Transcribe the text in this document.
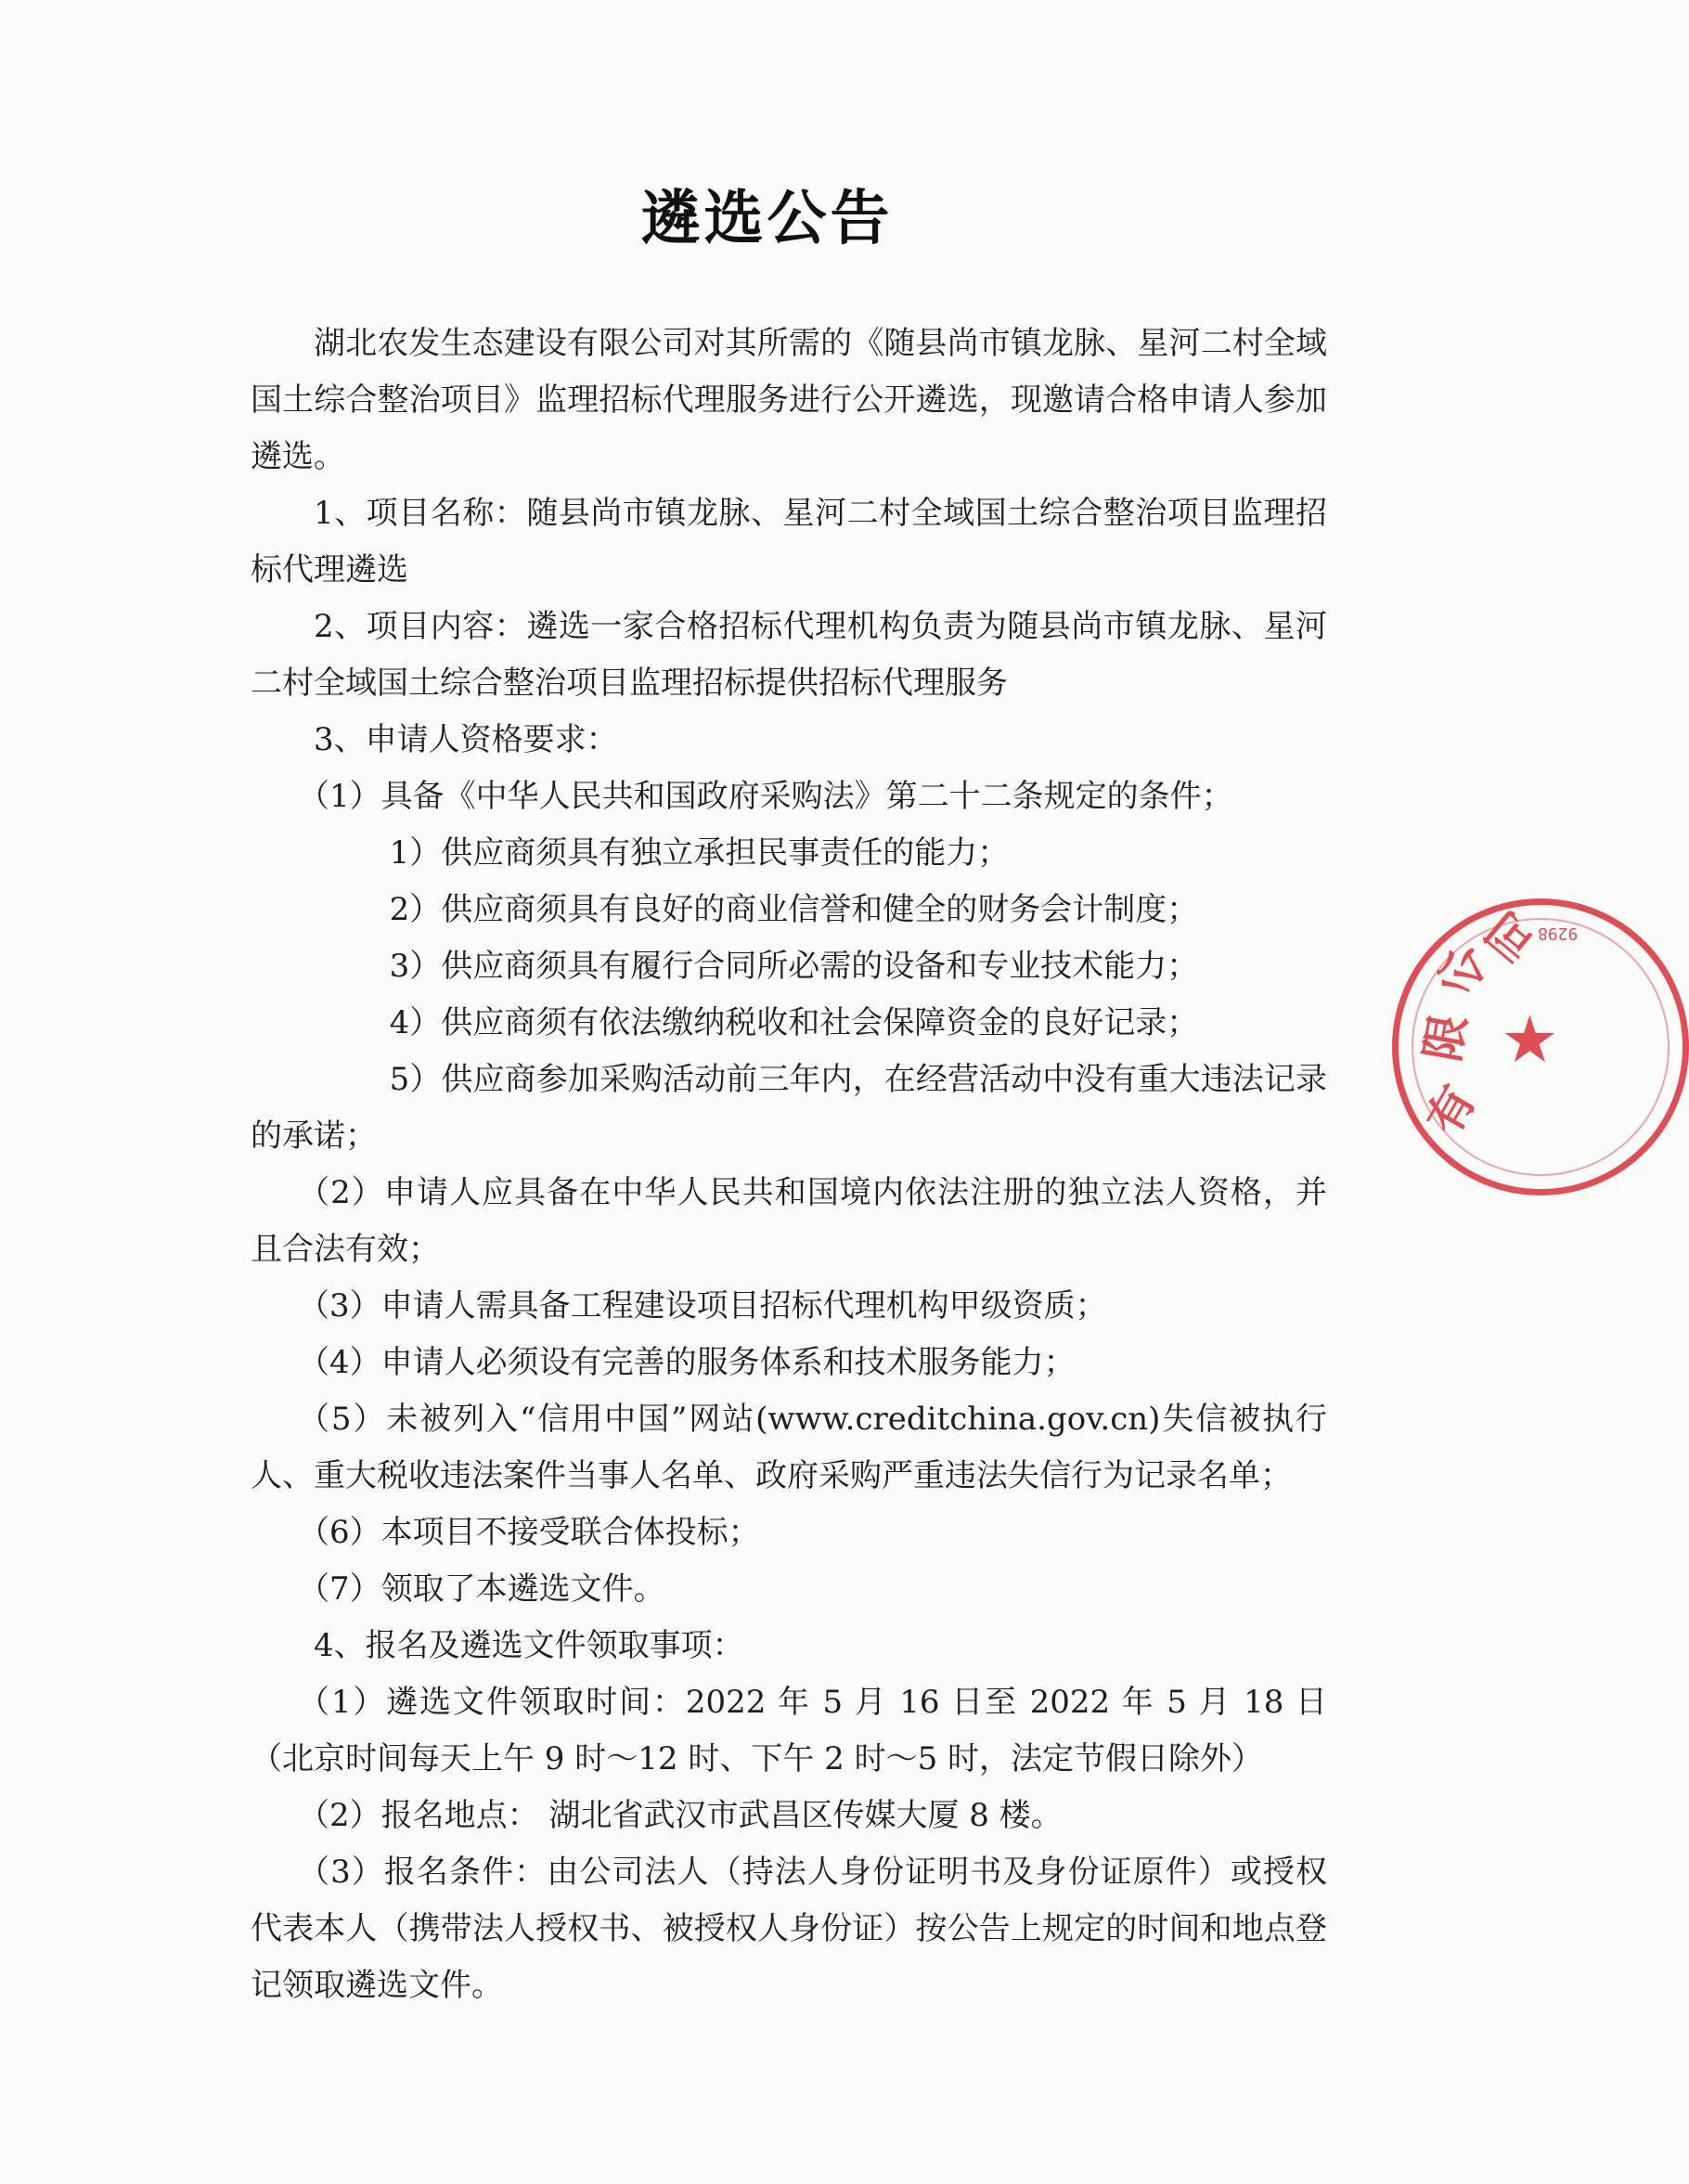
遴选公告

湖北农发生态建设有限公司对其所需的《随县尚市镇龙脉、星河二村全域国土综合整治项目》监理招标代理服务进行公开遴选，现邀请合格申请人参加遴选。

1、项目名称：随县尚市镇龙脉、星河二村全域国土综合整治项目监理招标代理遴选

2、项目内容：遴选一家合格招标代理机构负责为随县尚市镇龙脉、星河二村全域国土综合整治项目监理招标提供招标代理服务

3、申请人资格要求：

（1）具备《中华人民共和国政府采购法》第二十二条规定的条件；

1）供应商须具有独立承担民事责任的能力；

2）供应商须具有良好的商业信誉和健全的财务会计制度；

3）供应商须具有履行合同所必需的设备和专业技术能力；

4）供应商须有依法缴纳税收和社会保障资金的良好记录；

5）供应商参加采购活动前三年内，在经营活动中没有重大违法记录的承诺；

（2）申请人应具备在中华人民共和国境内依法注册的独立法人资格，并且合法有效；

（3）申请人需具备工程建设项目招标代理机构甲级资质；

（4）申请人必须设有完善的服务体系和技术服务能力；

（5）未被列入“信用中国”网站(www.creditchina.gov.cn)失信被执行人、重大税收违法案件当事人名单、政府采购严重违法失信行为记录名单；

（6）本项目不接受联合体投标；

（7）领取了本遴选文件。

4、报名及遴选文件领取事项：

（1）遴选文件领取时间：2022 年 5 月 16 日至 2022 年 5 月 18 日（北京时间每天上午 9 时～12 时、下午 2 时～5 时，法定节假日除外）

（2）报名地点： 湖北省武汉市武昌区传媒大厦 8 楼。

（3）报名条件：由公司法人（持法人身份证明书及身份证原件）或授权代表本人（携带法人授权书、被授权人身份证）按公告上规定的时间和地点登记领取遴选文件。

★
有
限
公
司
9298
